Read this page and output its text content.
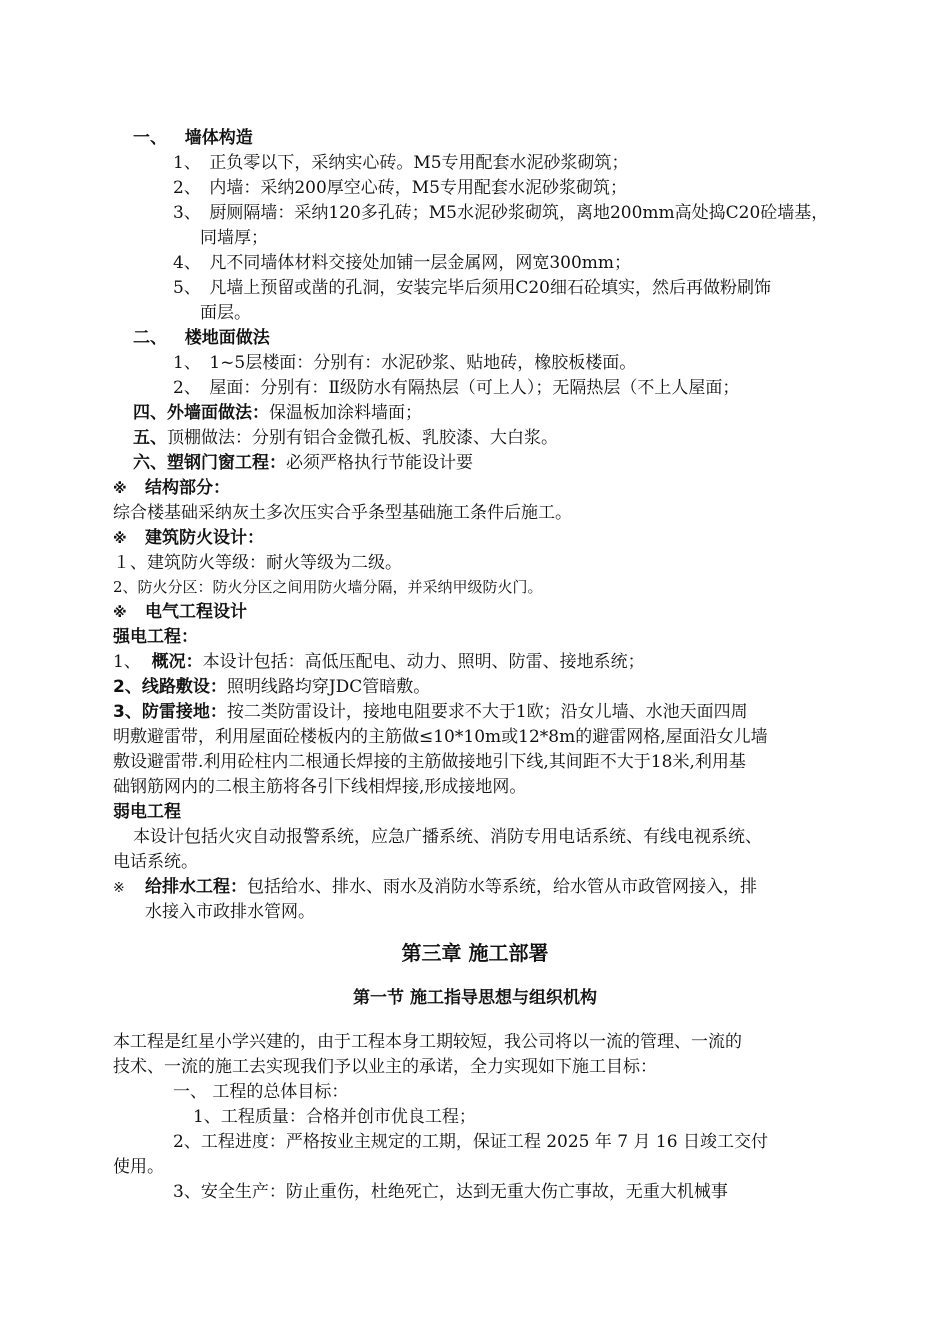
一、 墙体构造
1、　正负零以下，采纳实心砖。M5专用配套水泥砂浆砌筑；
2、　内墙：采纳200厚空心砖，M5专用配套水泥砂浆砌筑；
3、　厨厕隔墙：采纳120多孔砖；M5水泥砂浆砌筑，离地200mm高处捣C20砼墙基，
同墙厚；
4、　凡不同墙体材料交接处加铺一层金属网，网宽300mm；
5、　凡墙上预留或凿的孔洞，安装完毕后须用C20细石砼填实，然后再做粉刷饰
面层。
二、 楼地面做法
1、　1~5层楼面：分别有：水泥砂浆、贴地砖，橡胶板楼面。
2、　屋面：分别有：Ⅱ级防水有隔热层（可上人）；无隔热层（不上人屋面；
四、外墙面做法：保温板加涂料墙面；
五、顶棚做法：分别有铝合金微孔板、乳胶漆、大白浆。
六、塑钢门窗工程：必须严格执行节能设计要
※ 结构部分：
综合楼基础采纳灰土多次压实合乎条型基础施工条件后施工。
※ 建筑防火设计：
１、建筑防火等级：耐火等级为二级。
2、防火分区：防火分区之间用防火墙分隔，并采纳甲级防火门。
※ 电气工程设计
强电工程：
1、 概况：本设计包括：高低压配电、动力、照明、防雷、接地系统；
2、线路敷设：照明线路均穿JDC管暗敷。
3、防雷接地：按二类防雷设计，接地电阻要求不大于1欧；沿女儿墙、水池天面四周
明敷避雷带，利用屋面砼楼板内的主筋做≤10*10m或12*8m的避雷网格,屋面沿女儿墙
敷设避雷带.利用砼柱内二根通长焊接的主筋做接地引下线,其间距不大于18米,利用基
础钢筋网内的二根主筋将各引下线相焊接,形成接地网。
弱电工程
本设计包括火灾自动报警系统，应急广播系统、消防专用电话系统、有线电视系统、
电话系统。
※ 给排水工程：包括给水、排水、雨水及消防水等系统，给水管从市政管网接入，排
水接入市政排水管网。
第三章 施工部署
第一节 施工指导思想与组织机构
本工程是红星小学兴建的，由于工程本身工期较短，我公司将以一流的管理、一流的
技术、一流的施工去实现我们予以业主的承诺，全力实现如下施工目标：
一、 工程的总体目标：
1、工程质量：合格并创市优良工程；
2、工程进度：严格按业主规定的工期，保证工程 2025 年 7 月 16 日竣工交付
使用。
3、安全生产：防止重伤，杜绝死亡，达到无重大伤亡事故，无重大机械事
